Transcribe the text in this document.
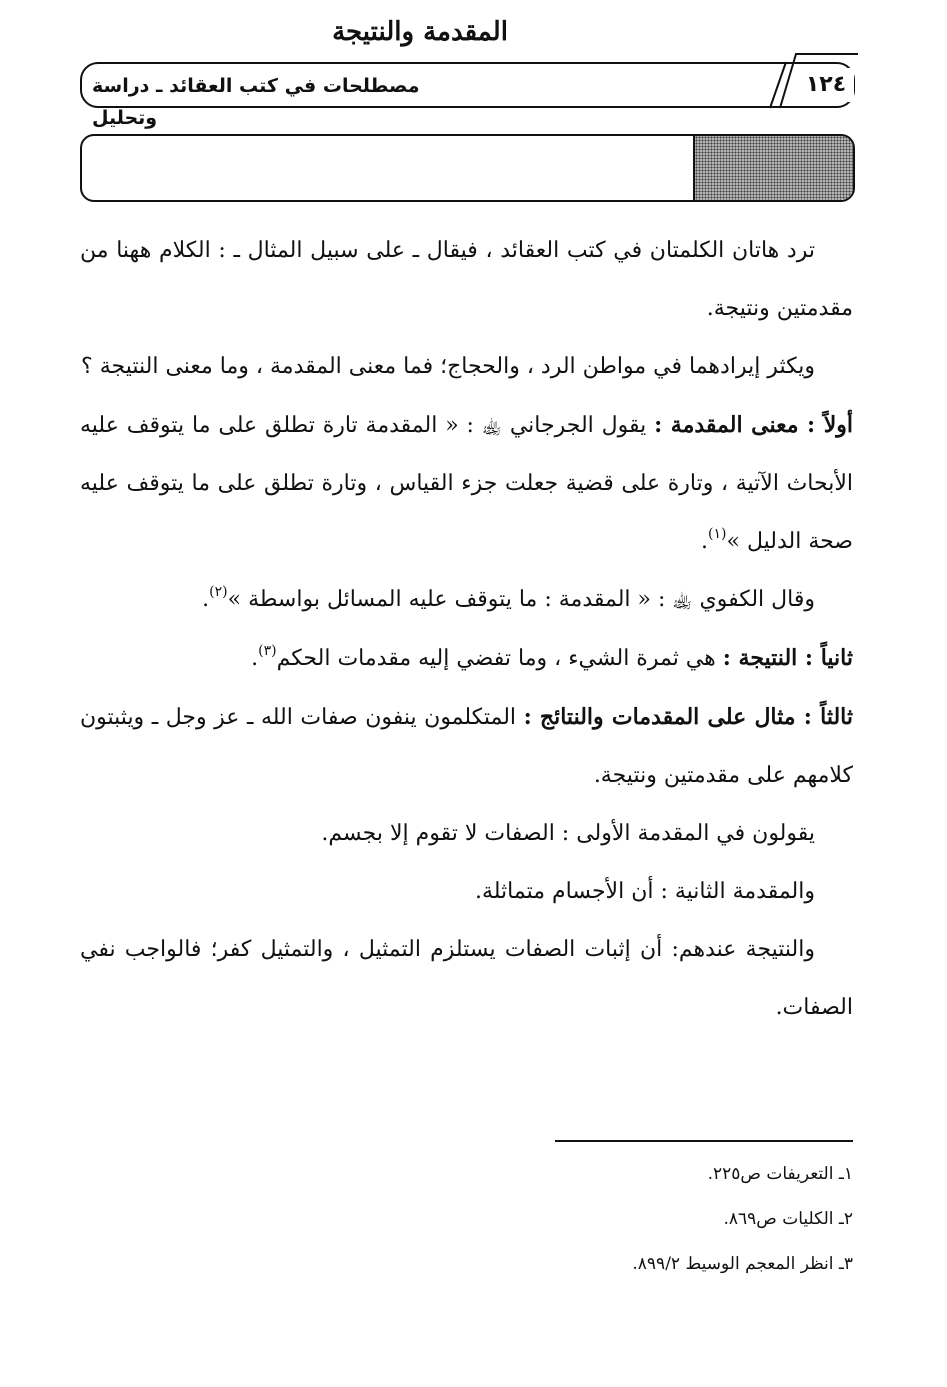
مصطلحات في كتب العقائد ـ دراسة وتحليل
١٢٤
المقدمة والنتيجة

ترد هاتان الكلمتان في كتب العقائد ، فيقال ـ على سبيل المثال ـ : الكلام ههنا من مقدمتين ونتيجة.

ويكثر إيرادهما في مواطن الرد ، والحجاج؛ فما معنى المقدمة ، وما معنى النتيجة ؟

أولاً : معنى المقدمة : يقول الجرجاني ﵀ : « المقدمة تارة تطلق على ما يتوقف عليه الأبحاث الآتية ، وتارة على قضية جعلت جزء القياس ، وتارة تطلق على ما يتوقف عليه صحة الدليل »$^{(١)}$.

وقال الكفوي ﵀ : « المقدمة : ما يتوقف عليه المسائل بواسطة »$^{(٢)}$.

ثانياً : النتيجة : هي ثمرة الشيء ، وما تفضي إليه مقدمات الحكم$^{(٣)}$.

ثالثاً : مثال على المقدمات والنتائج : المتكلمون ينفون صفات الله ـ عز وجل ـ ويثبتون كلامهم على مقدمتين ونتيجة.

يقولون في المقدمة الأولى : الصفات لا تقوم إلا بجسم.

والمقدمة الثانية : أن الأجسام متماثلة.

والنتيجة عندهم: أن إثبات الصفات يستلزم التمثيل ، والتمثيل كفر؛ فالواجب نفي الصفات.

١ـ التعريفات ص٢٢٥.

٢ـ الكليات ص٨٦٩.

٣ـ انظر المعجم الوسيط ٨٩٩/٢.
